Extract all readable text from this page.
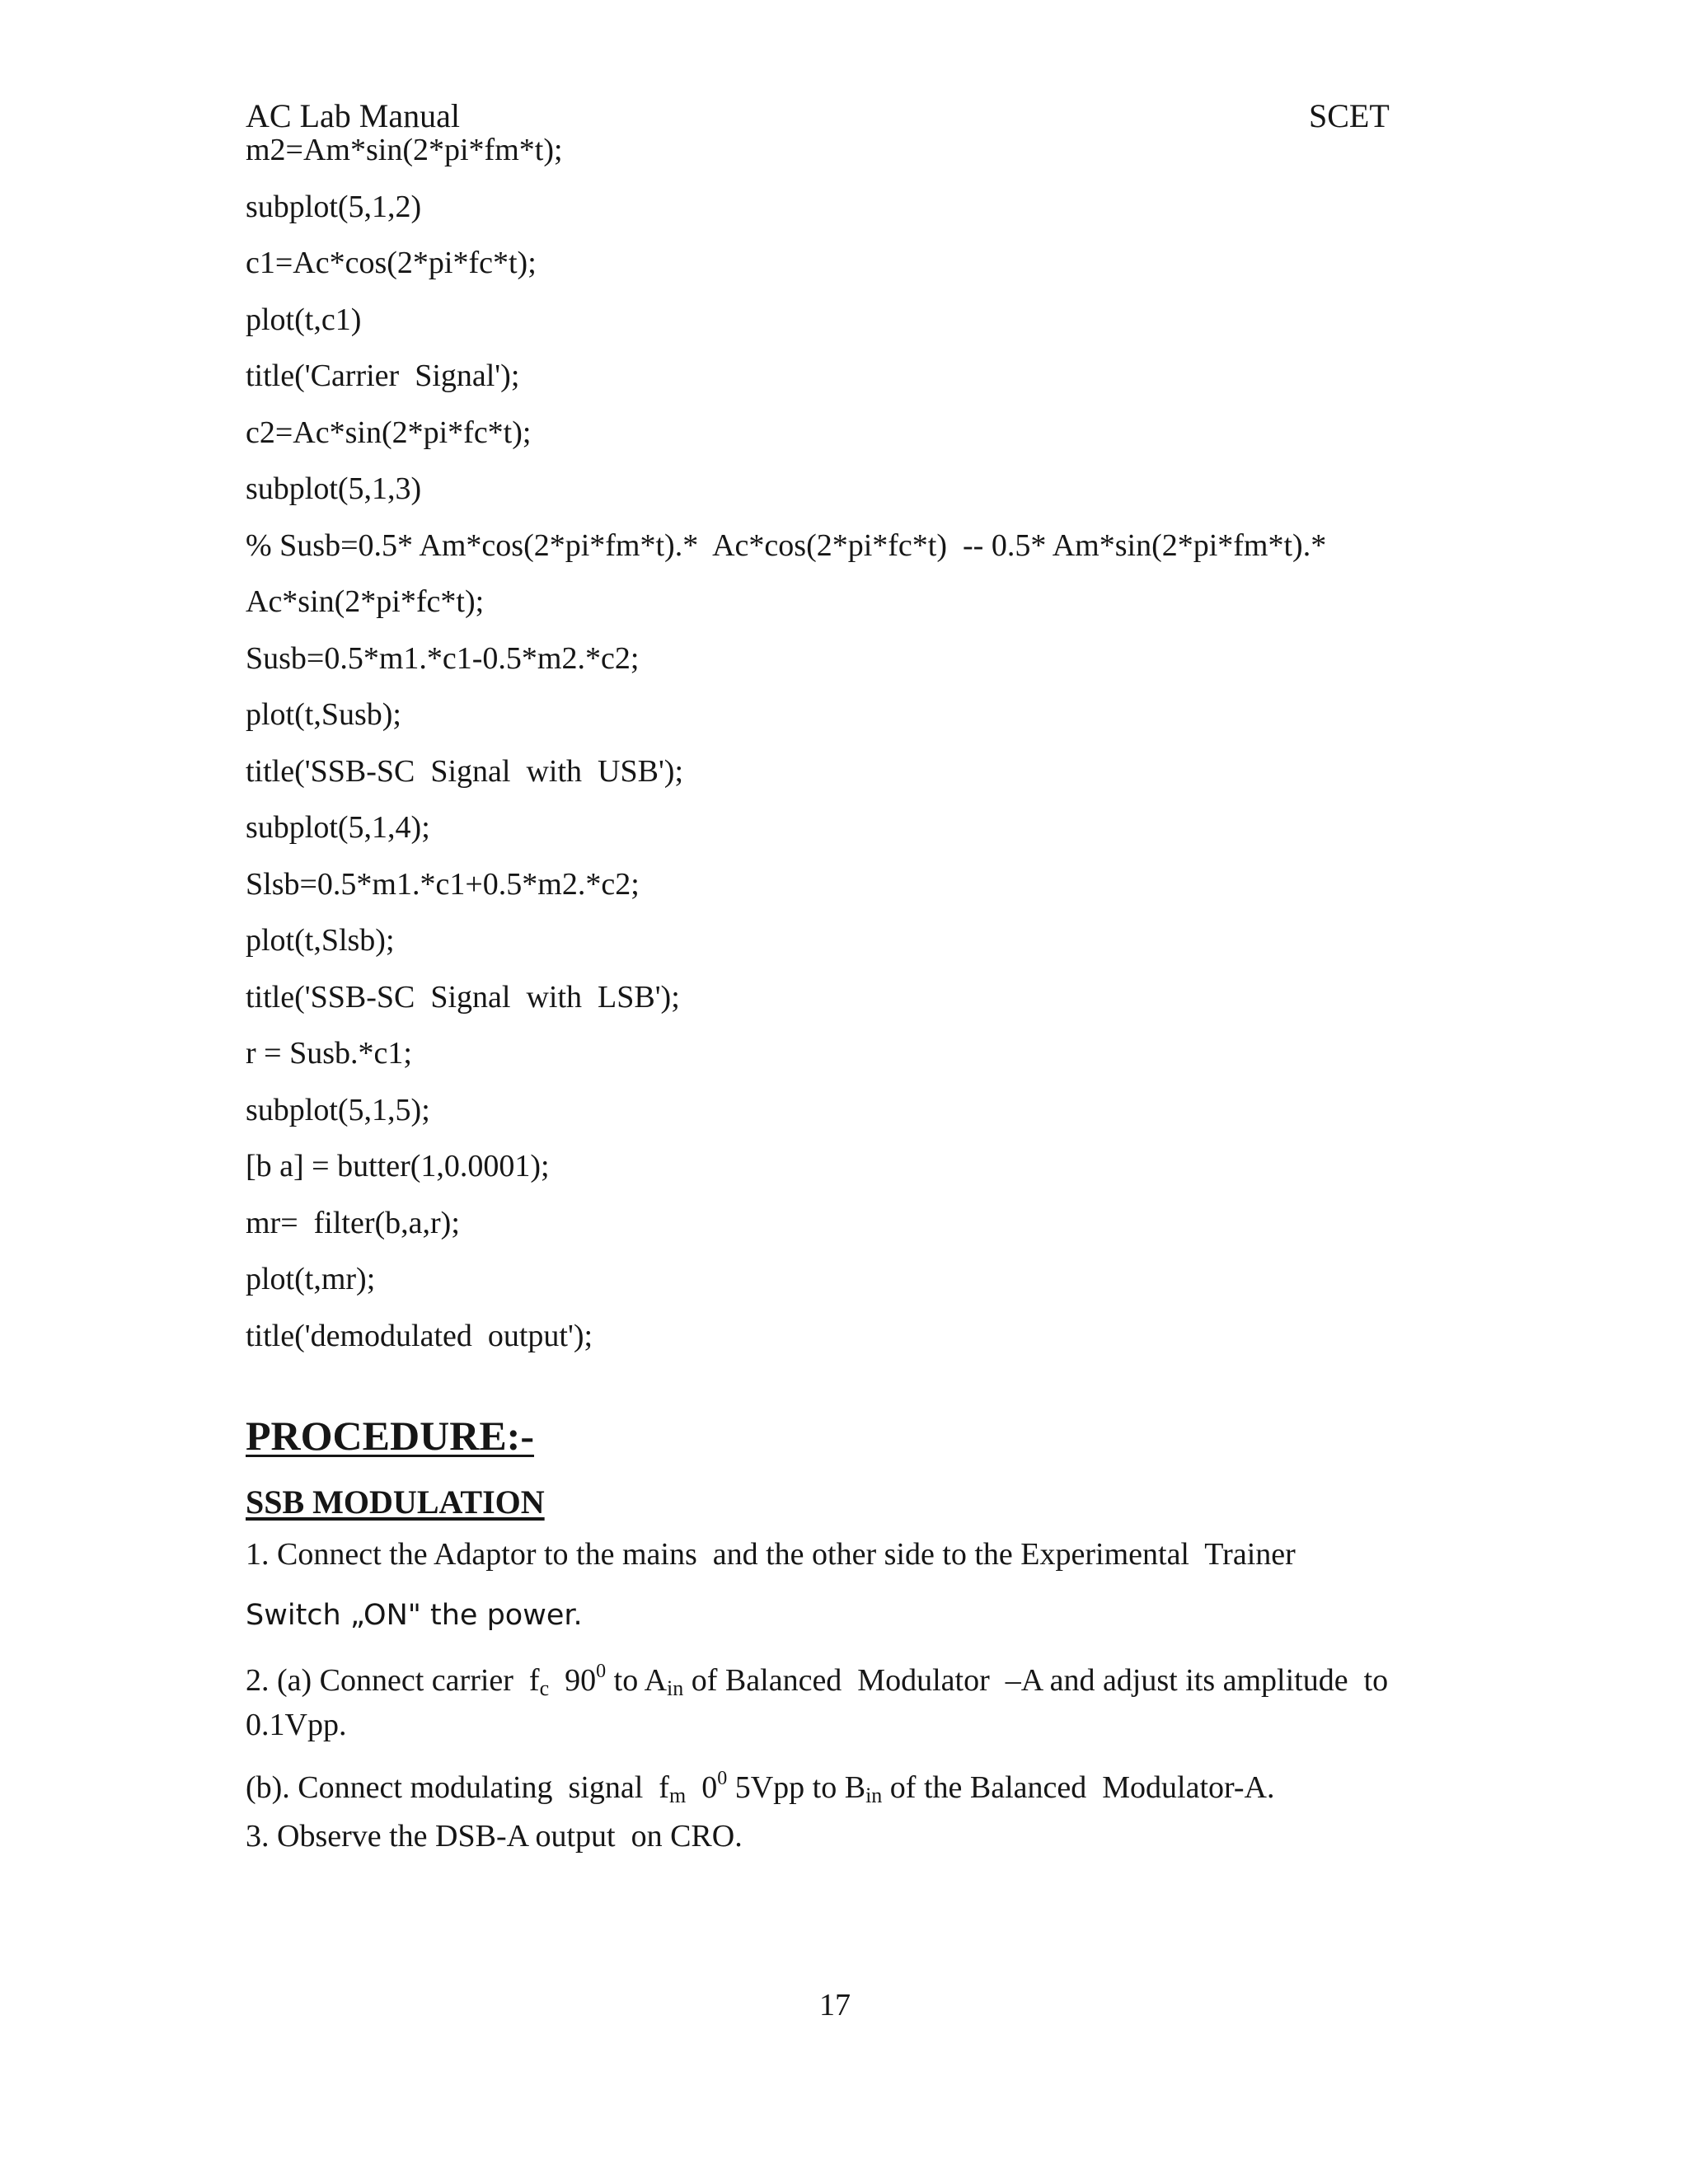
AC Lab Manual	SCET
m2=Am*sin(2*pi*fm*t);
subplot(5,1,2)
c1=Ac*cos(2*pi*fc*t);
plot(t,c1)
title('Carrier  Signal');
c2=Ac*sin(2*pi*fc*t);
subplot(5,1,3)
% Susb=0.5* Am*cos(2*pi*fm*t).*  Ac*cos(2*pi*fc*t)  -- 0.5* Am*sin(2*pi*fm*t).*
Ac*sin(2*pi*fc*t);
Susb=0.5*m1.*c1-0.5*m2.*c2;
plot(t,Susb);
title('SSB-SC  Signal  with  USB');
subplot(5,1,4);
Slsb=0.5*m1.*c1+0.5*m2.*c2;
plot(t,Slsb);
title('SSB-SC  Signal  with  LSB');
r = Susb.*c1;
subplot(5,1,5);
[b a] = butter(1,0.0001);
mr=  filter(b,a,r);
plot(t,mr);
title('demodulated  output');
PROCEDURE:-
SSB MODULATION
1. Connect the Adaptor to the mains  and the other side to the Experimental  Trainer
Switch „ON" the power.
2. (a) Connect carrier  $f_c$  $90^0$ to $A_{in}$ of Balanced  Modulator  –A and adjust its amplitude  to
0.1Vpp.
(b). Connect modulating  signal  $f_m$  $0^0$ 5Vpp to $B_{in}$ of the Balanced  Modulator-A.
3. Observe the DSB-A output  on CRO.
17
